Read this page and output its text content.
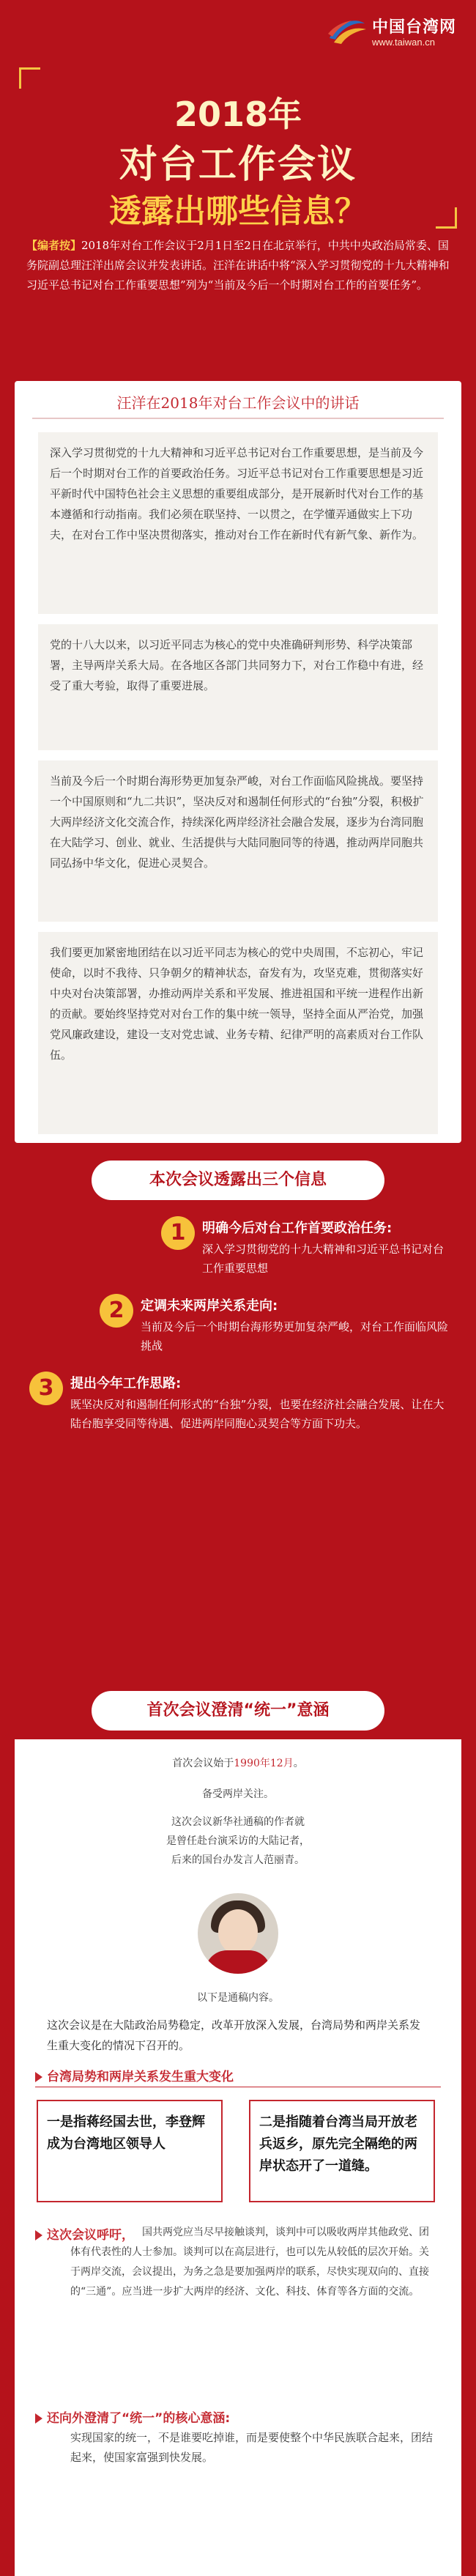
中国台湾网
www.taiwan.cn
2018年
对台工作会议
透露出哪些信息？
【编者按】2018年对台工作会议于2月1日至2日在北京举行，中共中央政治局常委、国务院副总理汪洋出席会议并发表讲话。汪洋在讲话中将“深入学习贯彻党的十九大精神和习近平总书记对台工作重要思想”列为“当前及今后一个时期对台工作的首要任务”。
汪洋在2018年对台工作会议中的讲话
深入学习贯彻党的十九大精神和习近平总书记对台工作重要思想，是当前及今后一个时期对台工作的首要政治任务。习近平总书记对台工作重要思想是习近平新时代中国特色社会主义思想的重要组成部分，是开展新时代对台工作的基本遵循和行动指南。我们必须在联坚持、一以贯之，在学懂弄通做实上下功夫，在对台工作中坚决贯彻落实，推动对台工作在新时代有新气象、新作为。
党的十八大以来，以习近平同志为核心的党中央准确研判形势、科学决策部署，主导两岸关系大局。在各地区各部门共同努力下，对台工作稳中有进，经受了重大考验，取得了重要进展。
当前及今后一个时期台海形势更加复杂严峻，对台工作面临风险挑战。要坚持一个中国原则和“九二共识”，坚决反对和遏制任何形式的“台独”分裂，积极扩大两岸经济文化交流合作，持续深化两岸经济社会融合发展，逐步为台湾同胞在大陆学习、创业、就业、生活提供与大陆同胞同等的待遇，推动两岸同胞共同弘扬中华文化，促进心灵契合。
我们要更加紧密地团结在以习近平同志为核心的党中央周围，不忘初心，牢记使命，以时不我待、只争朝夕的精神状态，奋发有为，攻坚克难，贯彻落实好中央对台决策部署，办推动两岸关系和平发展、推进祖国和平统一进程作出新的贡献。要始终坚持党对对台工作的集中统一领导，坚持全面从严治党，加强党风廉政建设，建设一支对党忠诚、业务专精、纪律严明的高素质对台工作队伍。
本次会议透露出三个信息
1	明确今后对台工作首要政治任务:
深入学习贯彻党的十九大精神和习近平总书记对台工作重要思想
2	定调未来两岸关系走向:
当前及今后一个时期台海形势更加复杂严峻，对台工作面临风险挑战
3	提出今年工作思路:
既坚决反对和遏制任何形式的“台独”分裂，也要在经济社会融合发展、让在大陆台胞享受同等待遇、促进两岸同胞心灵契合等方面下功夫。
首次会议澄清“统一”意涵
首次会议始于1990年12月。
备受两岸关注。
这次会议新华社通稿的作者就
是曾任赴台演采访的大陆记者，
后来的国台办发言人范丽青。
以下是通稿内容。
这次会议是在大陆政治局势稳定，改革开放深入发展，台湾局势和两岸关系发生重大变化的情况下召开的。
台湾局势和两岸关系发生重大变化
一是指蒋经国去世，李登辉成为台湾地区领导人
二是指随着台湾当局开放老兵返乡，原先完全隔绝的两岸状态开了一道缝。
这次会议呼吁， 国共两党应当尽早接触谈判，谈判中可以吸收两岸其他政党、团体有代表性的人士参加。谈判可以在高层进行，也可以先从较低的层次开始。关于两岸交流，会议提出，为务之急是要加强两岸的联系，尽快实现双向的、直接的“三通”。应当进一步扩大两岸的经济、文化、科技、体育等各方面的交流。
还向外澄清了“统一”的核心意涵:
实现国家的统一，不是谁要吃掉谁，而是要使整个中华民族联合起来，团结起来，使国家富强到快发展。
